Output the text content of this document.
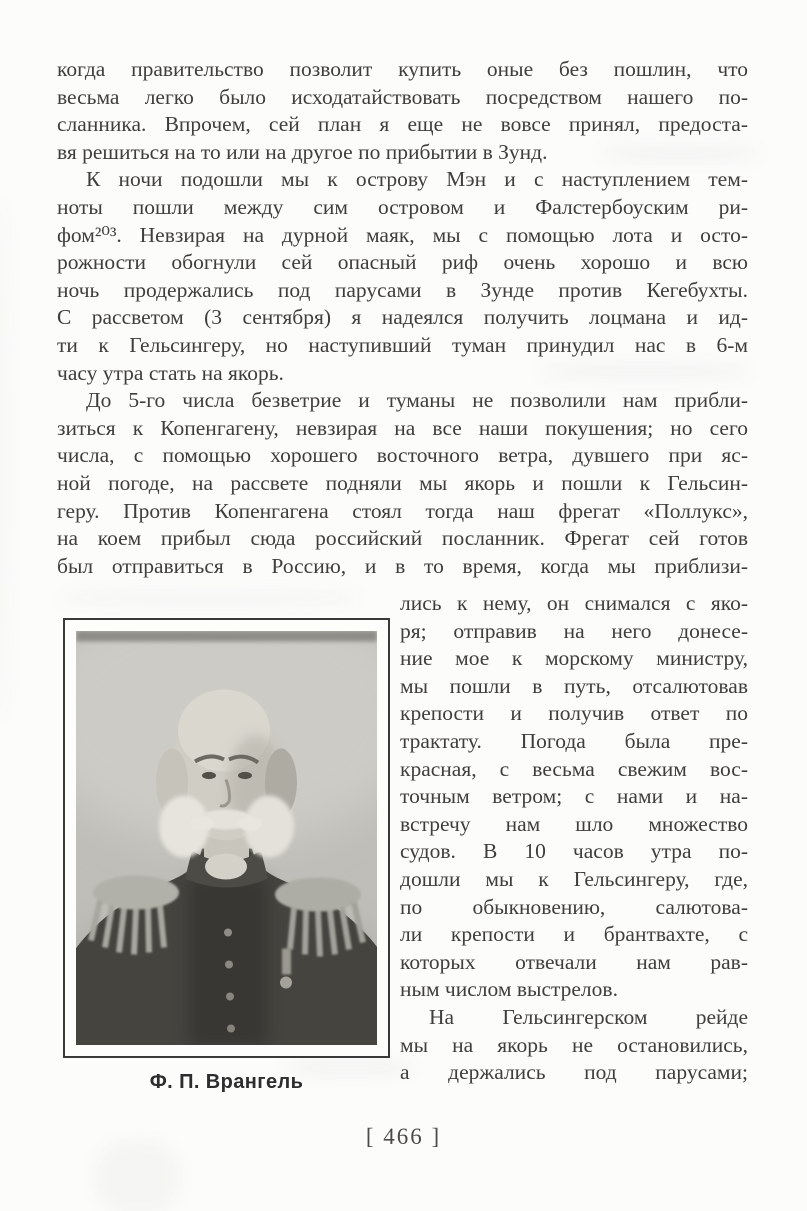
когда правительство позволит купить оные без пошлин, что
весьма легко было исходатайствовать посредством нашего по-
сланника. Впрочем, сей план я еще не вовсе принял, предоста-
вя решиться на то или на другое по прибытии в Зунд.
К ночи подошли мы к острову Мэн и с наступлением тем-
ноты пошли между сим островом и Фалстербоуским ри-
фом²⁰³. Невзирая на дурной маяк, мы с помощью лота и осто-
рожности обогнули сей опасный риф очень хорошо и всю
ночь продержались под парусами в Зунде против Кегебухты.
С рассветом (3 сентября) я надеялся получить лоцмана и ид-
ти к Гельсингеру, но наступивший туман принудил нас в 6-м
часу утра стать на якорь.
До 5-го числа безветрие и туманы не позволили нам прибли-
зиться к Копенгагену, невзирая на все наши покушения; но сего
числа, с помощью хорошего восточного ветра, дувшего при яс-
ной погоде, на рассвете подняли мы якорь и пошли к Гельсин-
геру. Против Копенгагена стоял тогда наш фрегат «Поллукс»,
на коем прибыл сюда российский посланник. Фрегат сей готов
был отправиться в Россию, и в то время, когда мы приблизи-
Ф. П. Врангель
лись к нему, он снимался с яко-
ря; отправив на него донесе-
ние мое к морскому министру,
мы пошли в путь, отсалютовав
крепости и получив ответ по
трактату. Погода была пре-
красная, с весьма свежим вос-
точным ветром; с нами и на-
встречу нам шло множество
судов. В 10 часов утра по-
дошли мы к Гельсингеру, где,
по обыкновению, салютова-
ли крепости и брантвахте, с
которых отвечали нам рав-
ным числом выстрелов.
На Гельсингерском рейде
мы на якорь не остановились,
а держались под парусами;
[ 466 ]
